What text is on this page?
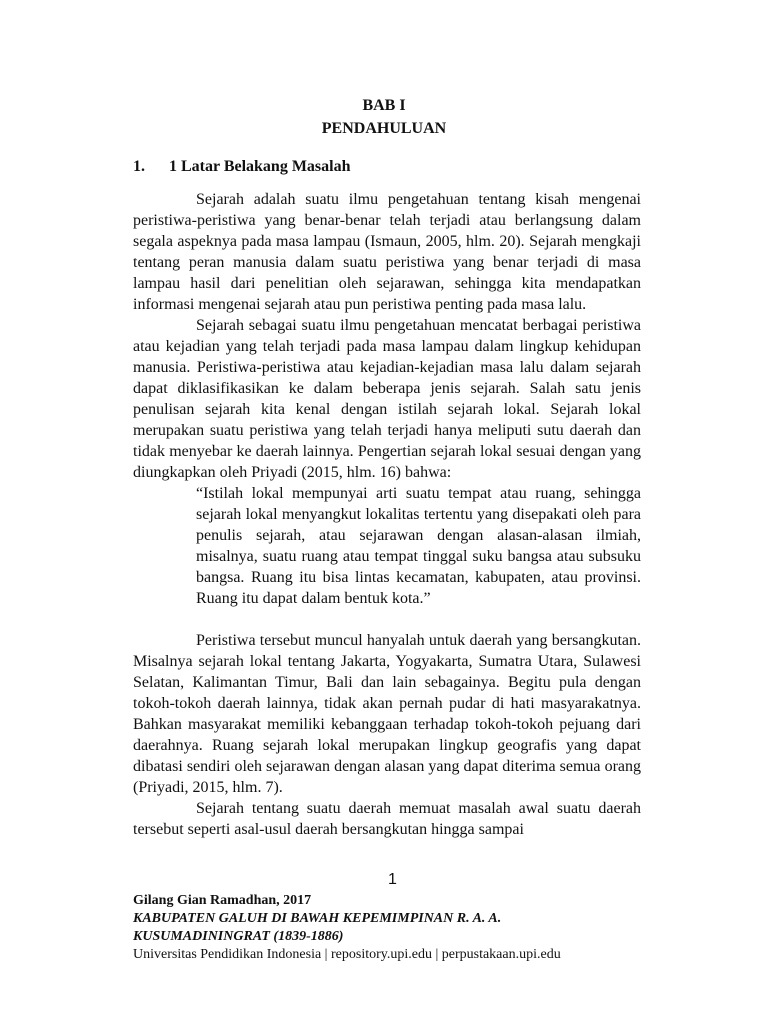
BAB I
PENDAHULUAN
1. 1 Latar Belakang Masalah

Sejarah adalah suatu ilmu pengetahuan tentang kisah mengenai peristiwa-peristiwa yang benar-benar telah terjadi atau berlangsung dalam segala aspeknya pada masa lampau (Ismaun, 2005, hlm. 20). Sejarah mengkaji tentang peran manusia dalam suatu peristiwa yang benar terjadi di masa lampau hasil dari penelitian oleh sejarawan, sehingga kita mendapatkan informasi mengenai sejarah atau pun peristiwa penting pada masa lalu.

Sejarah sebagai suatu ilmu pengetahuan mencatat berbagai peristiwa atau kejadian yang telah terjadi pada masa lampau dalam lingkup kehidupan manusia. Peristiwa-peristiwa atau kejadian-kejadian masa lalu dalam sejarah dapat diklasifikasikan ke dalam beberapa jenis sejarah. Salah satu jenis penulisan sejarah kita kenal dengan istilah sejarah lokal. Sejarah lokal merupakan suatu peristiwa yang telah terjadi hanya meliputi sutu daerah dan tidak menyebar ke daerah lainnya. Pengertian sejarah lokal sesuai dengan yang diungkapkan oleh Priyadi (2015, hlm. 16) bahwa:

“Istilah lokal mempunyai arti suatu tempat atau ruang, sehingga sejarah lokal menyangkut lokalitas tertentu yang disepakati oleh para penulis sejarah, atau sejarawan dengan alasan-alasan ilmiah, misalnya, suatu ruang atau tempat tinggal suku bangsa atau subsuku bangsa. Ruang itu bisa lintas kecamatan, kabupaten, atau provinsi. Ruang itu dapat dalam bentuk kota.”

Peristiwa tersebut muncul hanyalah untuk daerah yang bersangkutan. Misalnya sejarah lokal tentang Jakarta, Yogyakarta, Sumatra Utara, Sulawesi Selatan, Kalimantan Timur, Bali dan lain sebagainya. Begitu pula dengan tokoh-tokoh daerah lainnya, tidak akan pernah pudar di hati masyarakatnya. Bahkan masyarakat memiliki kebanggaan terhadap tokoh-tokoh pejuang dari daerahnya. Ruang sejarah lokal merupakan lingkup geografis yang dapat dibatasi sendiri oleh sejarawan dengan alasan yang dapat diterima semua orang (Priyadi, 2015, hlm. 7).

Sejarah tentang suatu daerah memuat masalah awal suatu daerah tersebut seperti asal-usul daerah bersangkutan hingga sampai

1
Gilang Gian Ramadhan, 2017
KABUPATEN GALUH DI BAWAH KEPEMIMPINAN R. A. A.
KUSUMADININGRAT (1839-1886)
Universitas Pendidikan Indonesia | repository.upi.edu | perpustakaan.upi.edu
